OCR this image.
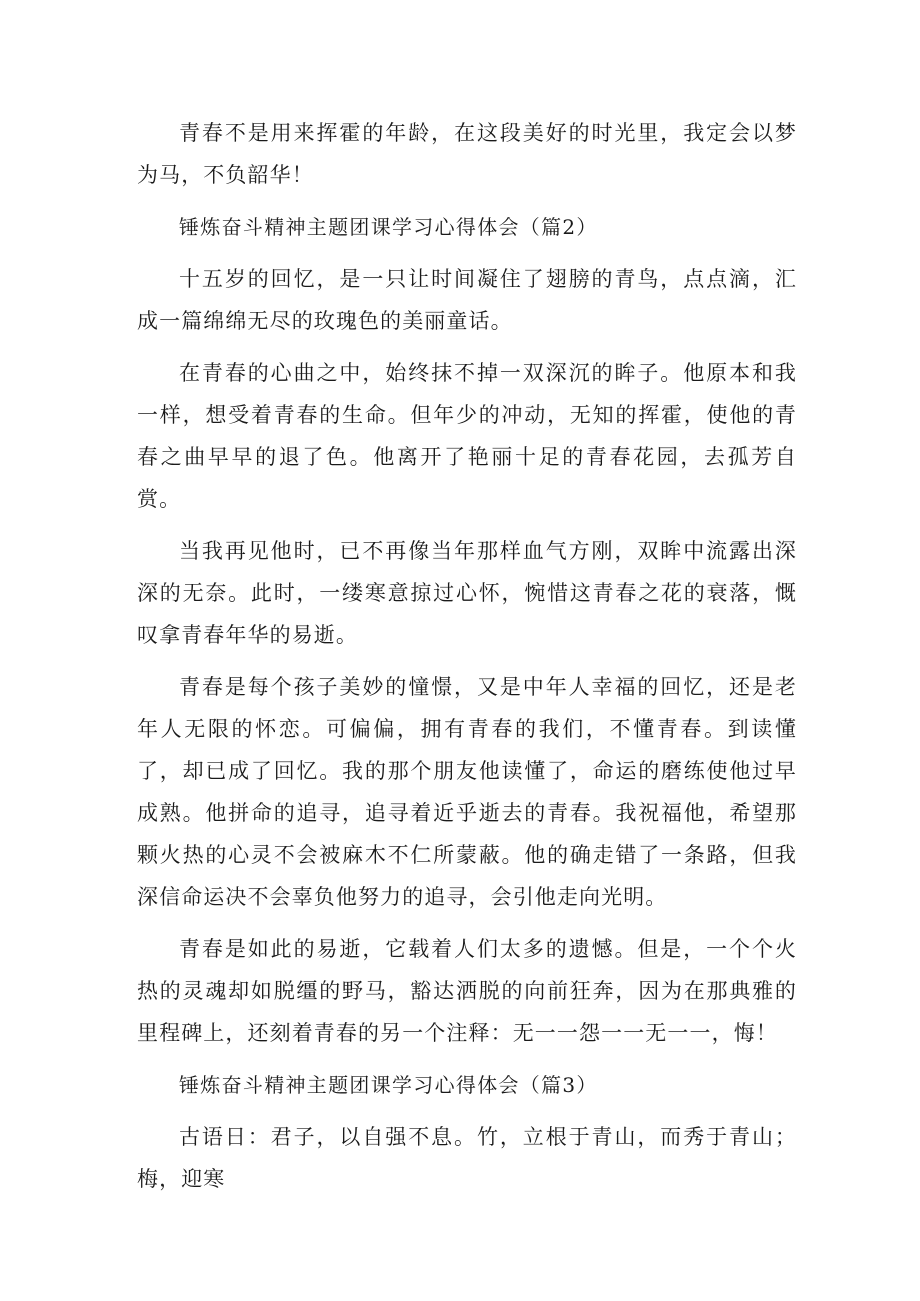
青春不是用来挥霍的年龄，在这段美好的时光里，我定会以梦为马，不负韶华！

锤炼奋斗精神主题团课学习心得体会（篇2）

十五岁的回忆，是一只让时间凝住了翅膀的青鸟，点点滴，汇成一篇绵绵无尽的玫瑰色的美丽童话。

在青春的心曲之中，始终抹不掉一双深沉的眸子。他原本和我一样，想受着青春的生命。但年少的冲动，无知的挥霍，使他的青春之曲早早的退了色。他离开了艳丽十足的青春花园，去孤芳自赏。

当我再见他时，已不再像当年那样血气方刚，双眸中流露出深深的无奈。此时，一缕寒意掠过心怀，惋惜这青春之花的衰落，慨叹拿青春年华的易逝。

青春是每个孩子美妙的憧憬，又是中年人幸福的回忆，还是老年人无限的怀恋。可偏偏，拥有青春的我们，不懂青春。到读懂了，却已成了回忆。我的那个朋友他读懂了，命运的磨练使他过早成熟。他拼命的追寻，追寻着近乎逝去的青春。我祝福他，希望那颗火热的心灵不会被麻木不仁所蒙蔽。他的确走错了一条路，但我深信命运决不会辜负他努力的追寻，会引他走向光明。

青春是如此的易逝，它载着人们太多的遗憾。但是，一个个火热的灵魂却如脱缰的野马，豁达洒脱的向前狂奔，因为在那典雅的里程碑上，还刻着青春的另一个注释：无一一怨一一无一一，悔！

锤炼奋斗精神主题团课学习心得体会（篇3）

古语日：君子，以自强不息。竹，立根于青山，而秀于青山；梅，迎寒
